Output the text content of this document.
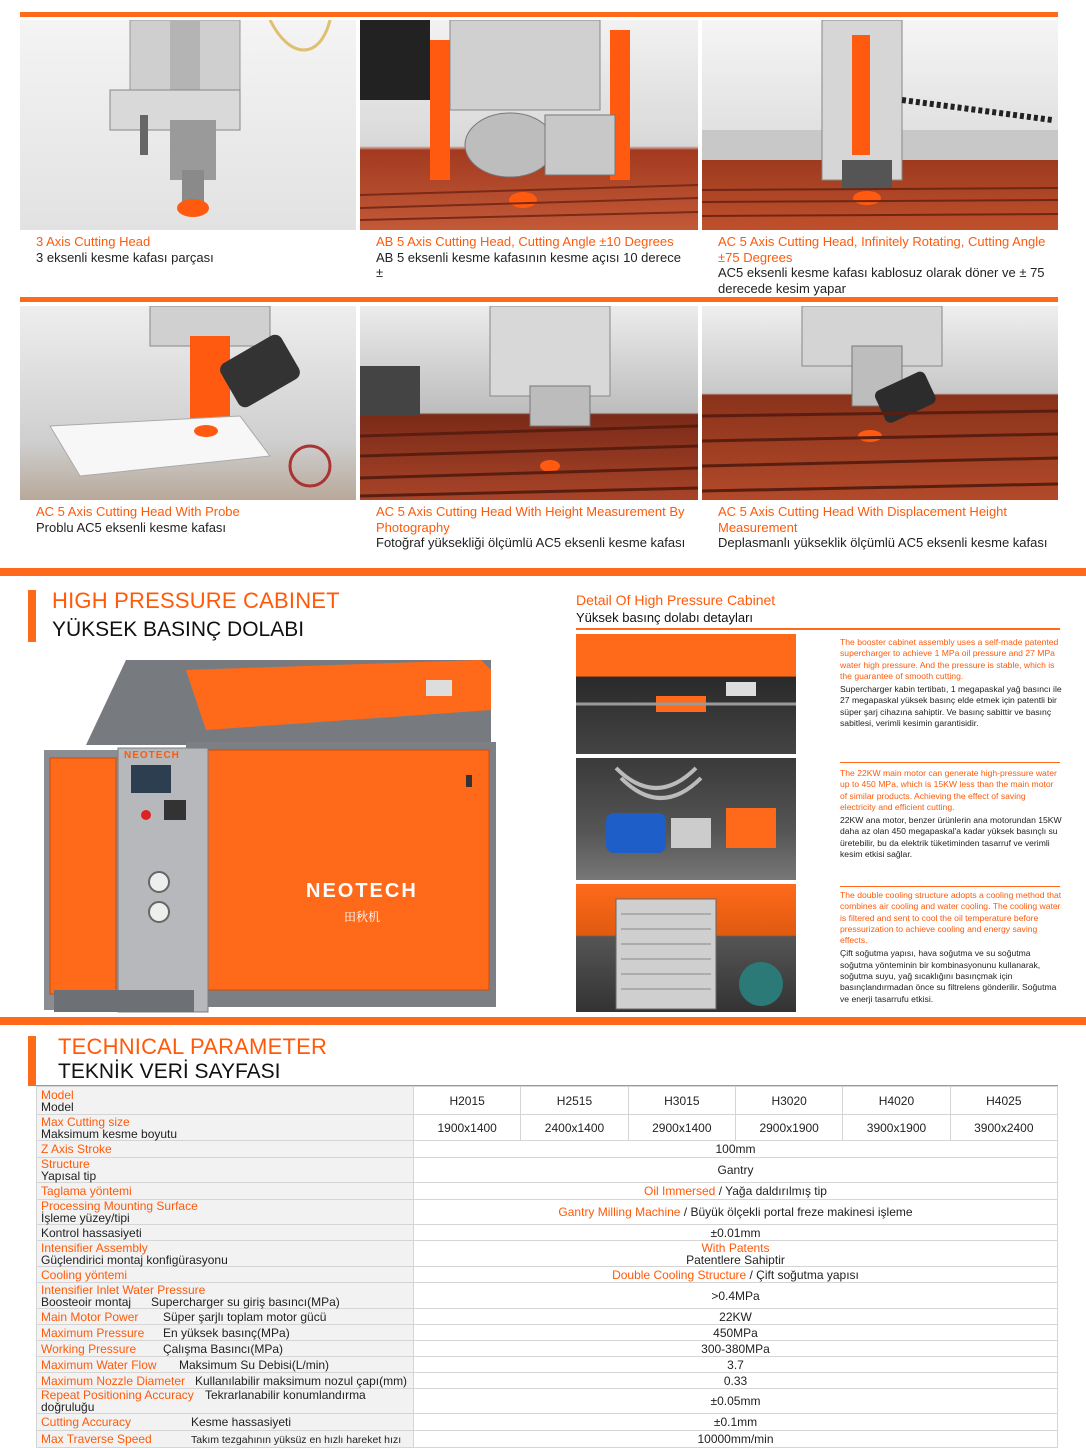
3 Axis Cutting Head
3 eksenli kesme kafası parçası
AB 5 Axis Cutting Head, Cutting Angle ±10 Degrees
AB 5 eksenli kesme kafasının kesme açısı 10 derece ±
AC 5 Axis Cutting Head, Infinitely Rotating, Cutting Angle ±75 Degrees
AC5 eksenli kesme kafası kablosuz olarak döner ve ± 75 derecede kesim yapar
AC 5 Axis Cutting Head With Probe
Problu AC5 eksenli kesme kafası
AC 5 Axis Cutting Head With Height Measurement By Photography
Fotoğraf yüksekliği ölçümlü AC5 eksenli kesme kafası
AC 5 Axis Cutting Head With Displacement Height Measurement
Deplasmanlı yükseklik ölçümlü AC5 eksenli kesme kafası
HIGH PRESSURE CABINET
YÜKSEK BASINÇ DOLABI
NEOTECH
NEOTECH
田秋机
Detail Of High Pressure Cabinet
Yüksek basınç dolabı detayları
The booster cabinet assembly uses a self-made patented supercharger to achieve 1 MPa oil pressure and 27 MPa water high pressure. And the pressure is stable, which is the guarantee of smooth cutting.
Supercharger kabin tertibatı, 1 megapaskal yağ basıncı ile 27 megapaskal yüksek basınç elde etmek için patentli bir süper şarj cihazına sahiptir. Ve basınç sabittir ve basınç sabitlesi, verimli kesimin garantisidir.
The 22KW main motor can generate high-pressure water up to 450 MPa, which is 15KW less than the main motor of similar products. Achieving the effect of saving electricity and efficient cutting.
22KW ana motor, benzer ürünlerin ana motorundan 15KW daha az olan 450 megapaskal'a kadar yüksek basınçlı su üretebilir, bu da elektrik tüketiminden tasarruf ve verimli kesim etkisi sağlar.
The double cooling structure adopts a cooling method that combines air cooling and water cooling. The cooling water is filtered and sent to cool the oil temperature before pressurization to achieve cooling and energy saving effects.
Çift soğutma yapısı, hava soğutma ve su soğutma soğutma yönteminin bir kombinasyonunu kullanarak, soğutma suyu, yağ sıcaklığını basınçmak için basınçlandırmadan önce su filtrelens gönderilir. Soğutma ve enerji tasarrufu etkisi.
TECHNICAL PARAMETER
TEKNİK VERİ SAYFASI
Model
Model	H2015	H2515	H3015	H3020	H4020	H4025
Max Cutting size
Maksimum kesme boyutu	1900x1400	2400x1400	2900x1400	2900x1900	3900x1900	3900x2400
Z Axis Stroke	100mm					
Structure
Yapısal tip	Gantry					
Taglama yöntemi	Oil Immersed / Yağa daldırılmış tip					
Processing Mounting Surface
İşleme yüzey/tipi	Gantry Milling Machine / Büyük ölçekli portal freze makinesi işleme					
Kontrol hassasiyeti	±0.01mm					
Intensifier Assembly
Güçlendirici montaj konfigürasyonu	With Patents
Patentlere Sahiptir					
Cooling yöntemi	Double Cooling Structure / Çift soğutma yapısı					
Intensifier Inlet Water Pressure
Boosteoir montaj      Supercharger su giriş basıncı(MPa)	>0.4MPa					
Main Motor Power Süper şarjlı toplam motor gücü	22KW					
Maximum Pressure En yüksek basınç(MPa)	450MPa					
Working Pressure Çalışma Basıncı(MPa)	300-380MPa					
Maximum Water Flow Maksimum Su Debisi(L/min)	3.7					
Maximum Nozzle Diameter Kullanılabilir maksimum nozul çapı(mm)	0.33					
Repeat Positioning Accuracy Tekrarlanabilir konumlandırma doğruluğu	±0.05mm					
Cutting Accuracy Kesme hassasiyeti	±0.1mm					
Max Traverse Speed Takım tezgahının yüksüz en hızlı hareket hızı	10000mm/min					
